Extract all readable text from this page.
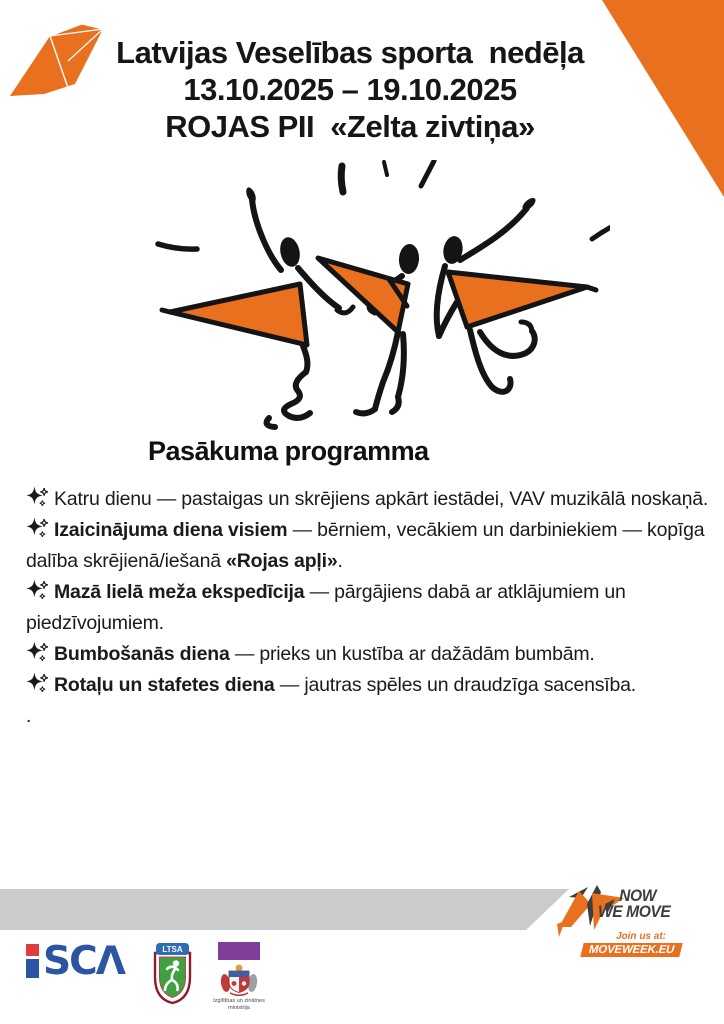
Latvijas Veselības sporta  nedēļa
13.10.2025 – 19.10.2025
ROJAS PII  «Zelta zivtiņa»
Pasākuma programma

Katru dienu — pastaigas un skrējiens apkārt iestādei, VAV muzikālā noskaņā.

Izaicinājuma diena visiem — bērniem, vecākiem un darbiniekiem — kopīga dalība skrējienā/iešanā «Rojas apļi».

Mazā lielā meža ekspedīcija — pārgājiens dabā ar atklājumiem un piedzīvojumiem.

Bumbošanās diena — prieks un kustība ar dažādām bumbām.

Rotaļu un stafetes diena — jautras spēles un draudzīga sacensība.

.

NOW
WE MOVE
Join us at:
MOVEWEEK.EU
SCΛ	LTSA
Izglītības un zinātnes
ministrija
